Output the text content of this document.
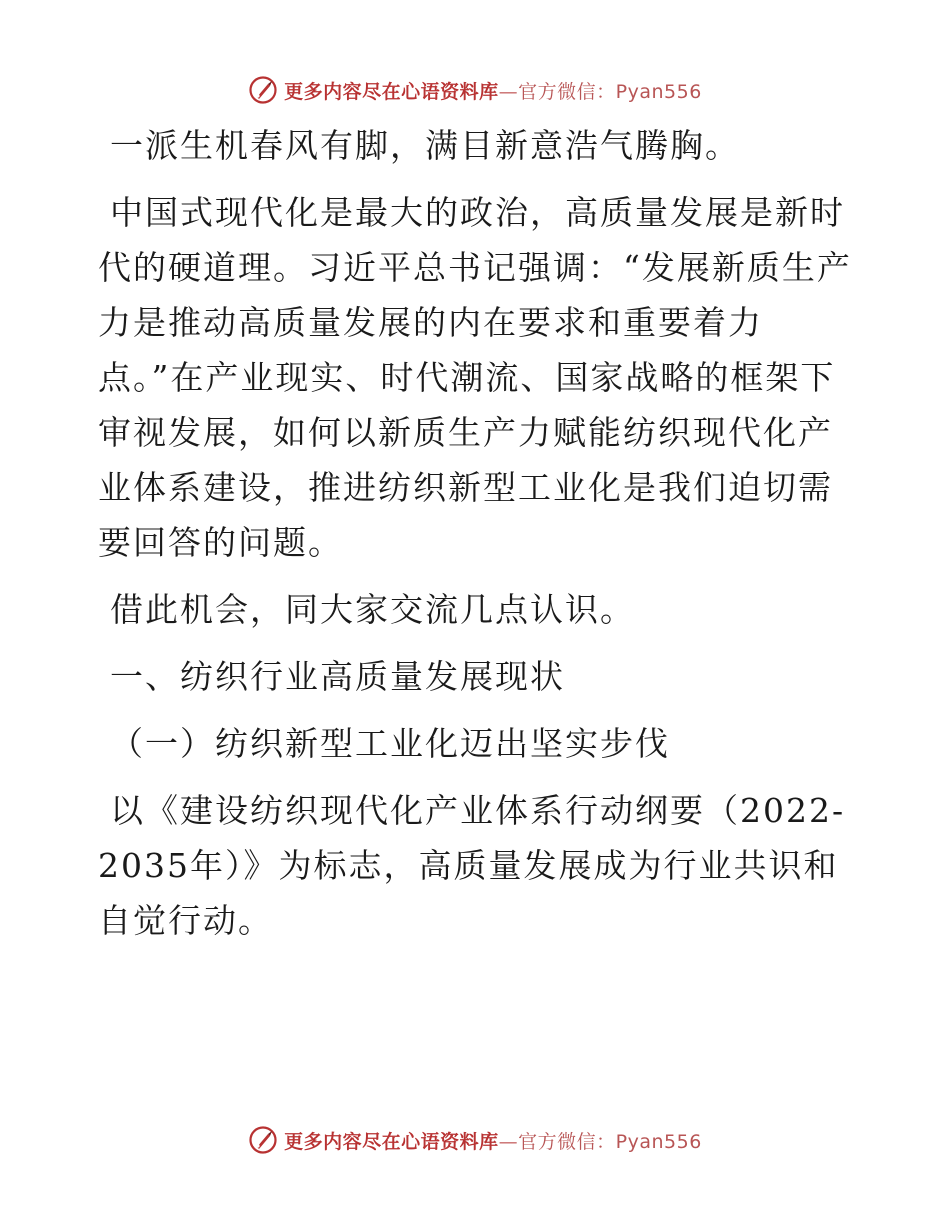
更多内容尽在心语资料库—官方微信：Pyan556

一派生机春风有脚，满目新意浩气腾胸。

中国式现代化是最大的政治，高质量发展是新时代的硬道理。习近平总书记强调：“发展新质生产力是推动高质量发展的内在要求和重要着力点。”在产业现实、时代潮流、国家战略的框架下审视发展，如何以新质生产力赋能纺织现代化产业体系建设，推进纺织新型工业化是我们迫切需要回答的问题。

借此机会，同大家交流几点认识。

一、纺织行业高质量发展现状

（一）纺织新型工业化迈出坚实步伐

以《建设纺织现代化产业体系行动纲要（2022-2035年）》为标志，高质量发展成为行业共识和自觉行动。

更多内容尽在心语资料库—官方微信：Pyan556
